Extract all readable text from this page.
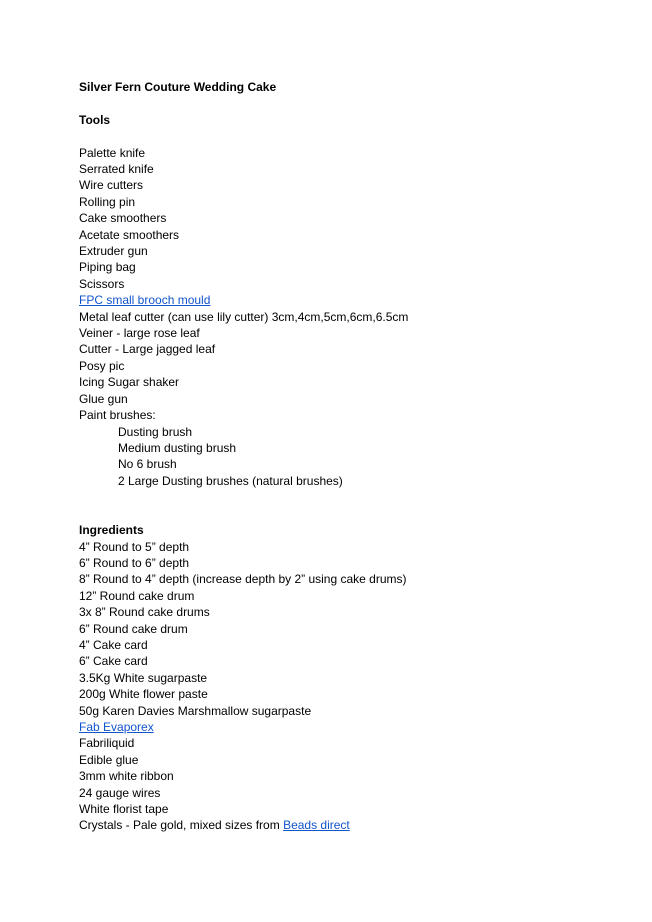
Silver Fern Couture Wedding Cake

Tools

Palette knife
Serrated knife
Wire cutters
Rolling pin
Cake smoothers
Acetate smoothers
Extruder gun
Piping bag
Scissors
FPC small brooch mould
Metal leaf cutter (can use lily cutter) 3cm,4cm,5cm,6cm,6.5cm
Veiner - large rose leaf
Cutter - Large jagged leaf
Posy pic
Icing Sugar shaker
Glue gun
Paint brushes:
Dusting brush
Medium dusting brush
No 6 brush
2 Large Dusting brushes (natural brushes)

Ingredients

4” Round to 5” depth
6” Round to 6” depth
8” Round to 4” depth (increase depth by 2” using cake drums)
12” Round cake drum
3x 8” Round cake drums
6” Round cake drum
4” Cake card
6” Cake card
3.5Kg White sugarpaste
200g White flower paste
50g Karen Davies Marshmallow sugarpaste
Fab Evaporex
Fabriliquid
Edible glue
3mm white ribbon
24 gauge wires
White florist tape
Crystals - Pale gold, mixed sizes from Beads direct
